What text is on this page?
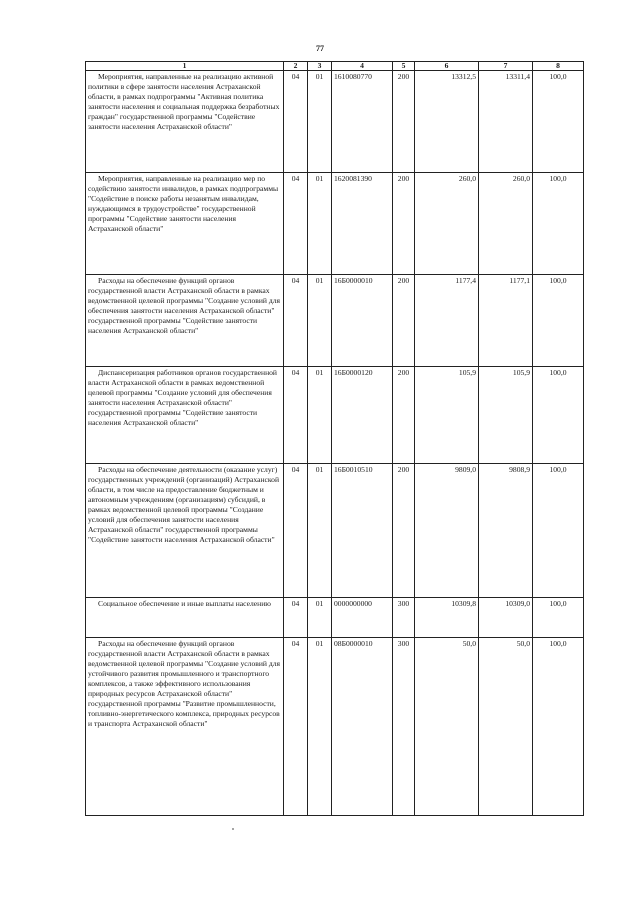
77
1	2	3	4	5	6	7	8

Мероприятия, направленные на реализацию активной политики в сфере занятости населения Астраханской области, в рамках подпрограммы "Активная политика занятости населения и социальная поддержка безработных граждан" государственной программы "Содействие занятости населения Астраханской области"	04	01	1610080770	200	13312,5	13311,4	100,0

Мероприятия, направленные на реализацию мер по содействию занятости инвалидов, в рамках подпрограммы "Содействие в поиске работы незанятым инвалидам, нуждающимся в трудоустройстве" государственной программы "Содействие занятости населения Астраханской области"	04	01	1620081390	200	260,0	260,0	100,0

Расходы на обеспечение функций органов государственной власти Астраханской области в рамках ведомственной целевой программы "Создание условий для обеспечения занятости населения Астраханской области" государственной программы "Содействие занятости населения Астраханской области"	04	01	16Б0000010	200	1177,4	1177,1	100,0

Диспансеризация работников органов государственной власти Астраханской области в рамках ведомственной целевой программы "Создание условий для обеспечения занятости населения Астраханской области" государственной программы "Содействие занятости населения Астраханской области"	04	01	16Б0000120	200	105,9	105,9	100,0

Расходы на обеспечение деятельности (оказание услуг) государственных учреждений (организаций) Астраханской области, в том числе на предоставление бюджетным и автономным учреждениям (организациям) субсидий, в рамках ведомственной целевой программы "Создание условий для обеспечения занятости населения Астраханской области" государственной программы "Содействие занятости населения Астраханской области"	04	01	16Б0010510	200	9809,0	9808,9	100,0

Социальное обеспечение и иные выплаты населению	04	01	0000000000	300	10309,8	10309,0	100,0

Расходы на обеспечение функций органов государственной власти Астраханской области в рамках ведомственной целевой программы "Создание условий для устойчивого развития промышленного и транспортного комплексов, а также эффективного использования природных ресурсов Астраханской области" государственной программы "Развитие промышленности, топливно-энергетического комплекса, природных ресурсов и транспорта Астраханской области"	04	01	08Б0000010	300	50,0	50,0	100,0
